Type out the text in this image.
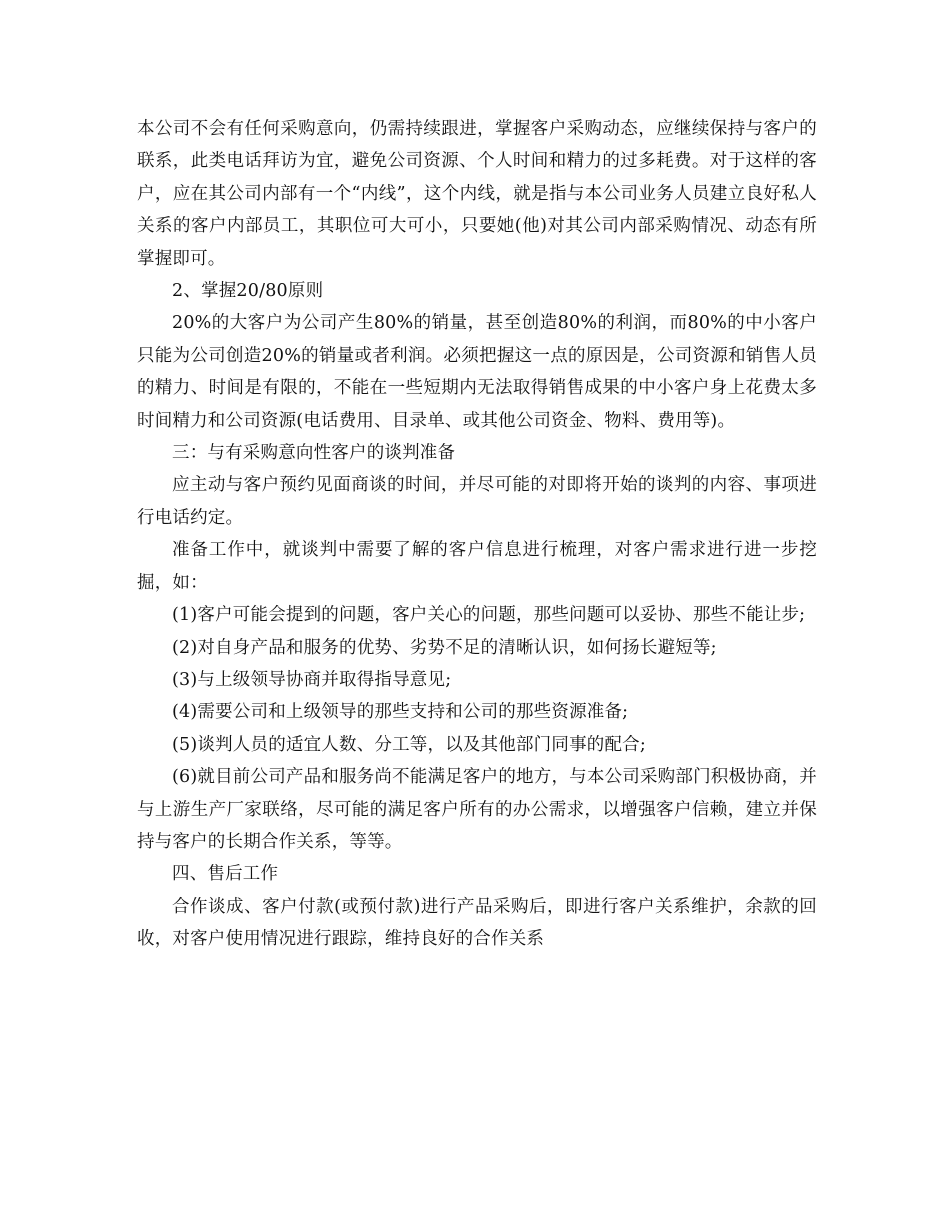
本公司不会有任何采购意向，仍需持续跟进，掌握客户采购动态，应继续保持与客户的联系，此类电话拜访为宜，避免公司资源、个人时间和精力的过多耗费。对于这样的客户，应在其公司内部有一个“内线”，这个内线，就是指与本公司业务人员建立良好私人关系的客户内部员工，其职位可大可小，只要她(他)对其公司内部采购情况、动态有所掌握即可。

2、掌握20/80原则

20%的大客户为公司产生80%的销量，甚至创造80%的利润，而80%的中小客户只能为公司创造20%的销量或者利润。必须把握这一点的原因是，公司资源和销售人员的精力、时间是有限的，不能在一些短期内无法取得销售成果的中小客户身上花费太多时间精力和公司资源(电话费用、目录单、或其他公司资金、物料、费用等)。

三：与有采购意向性客户的谈判准备

应主动与客户预约见面商谈的时间，并尽可能的对即将开始的谈判的内容、事项进行电话约定。

准备工作中，就谈判中需要了解的客户信息进行梳理，对客户需求进行进一步挖掘，如：

(1)客户可能会提到的问题，客户关心的问题，那些问题可以妥协、那些不能让步;

(2)对自身产品和服务的优势、劣势不足的清晰认识，如何扬长避短等;

(3)与上级领导协商并取得指导意见;

(4)需要公司和上级领导的那些支持和公司的那些资源准备;

(5)谈判人员的适宜人数、分工等，以及其他部门同事的配合;

(6)就目前公司产品和服务尚不能满足客户的地方，与本公司采购部门积极协商，并与上游生产厂家联络，尽可能的满足客户所有的办公需求，以增强客户信赖，建立并保持与客户的长期合作关系，等等。

四、售后工作

合作谈成、客户付款(或预付款)进行产品采购后，即进行客户关系维护，余款的回收，对客户使用情况进行跟踪，维持良好的合作关系
